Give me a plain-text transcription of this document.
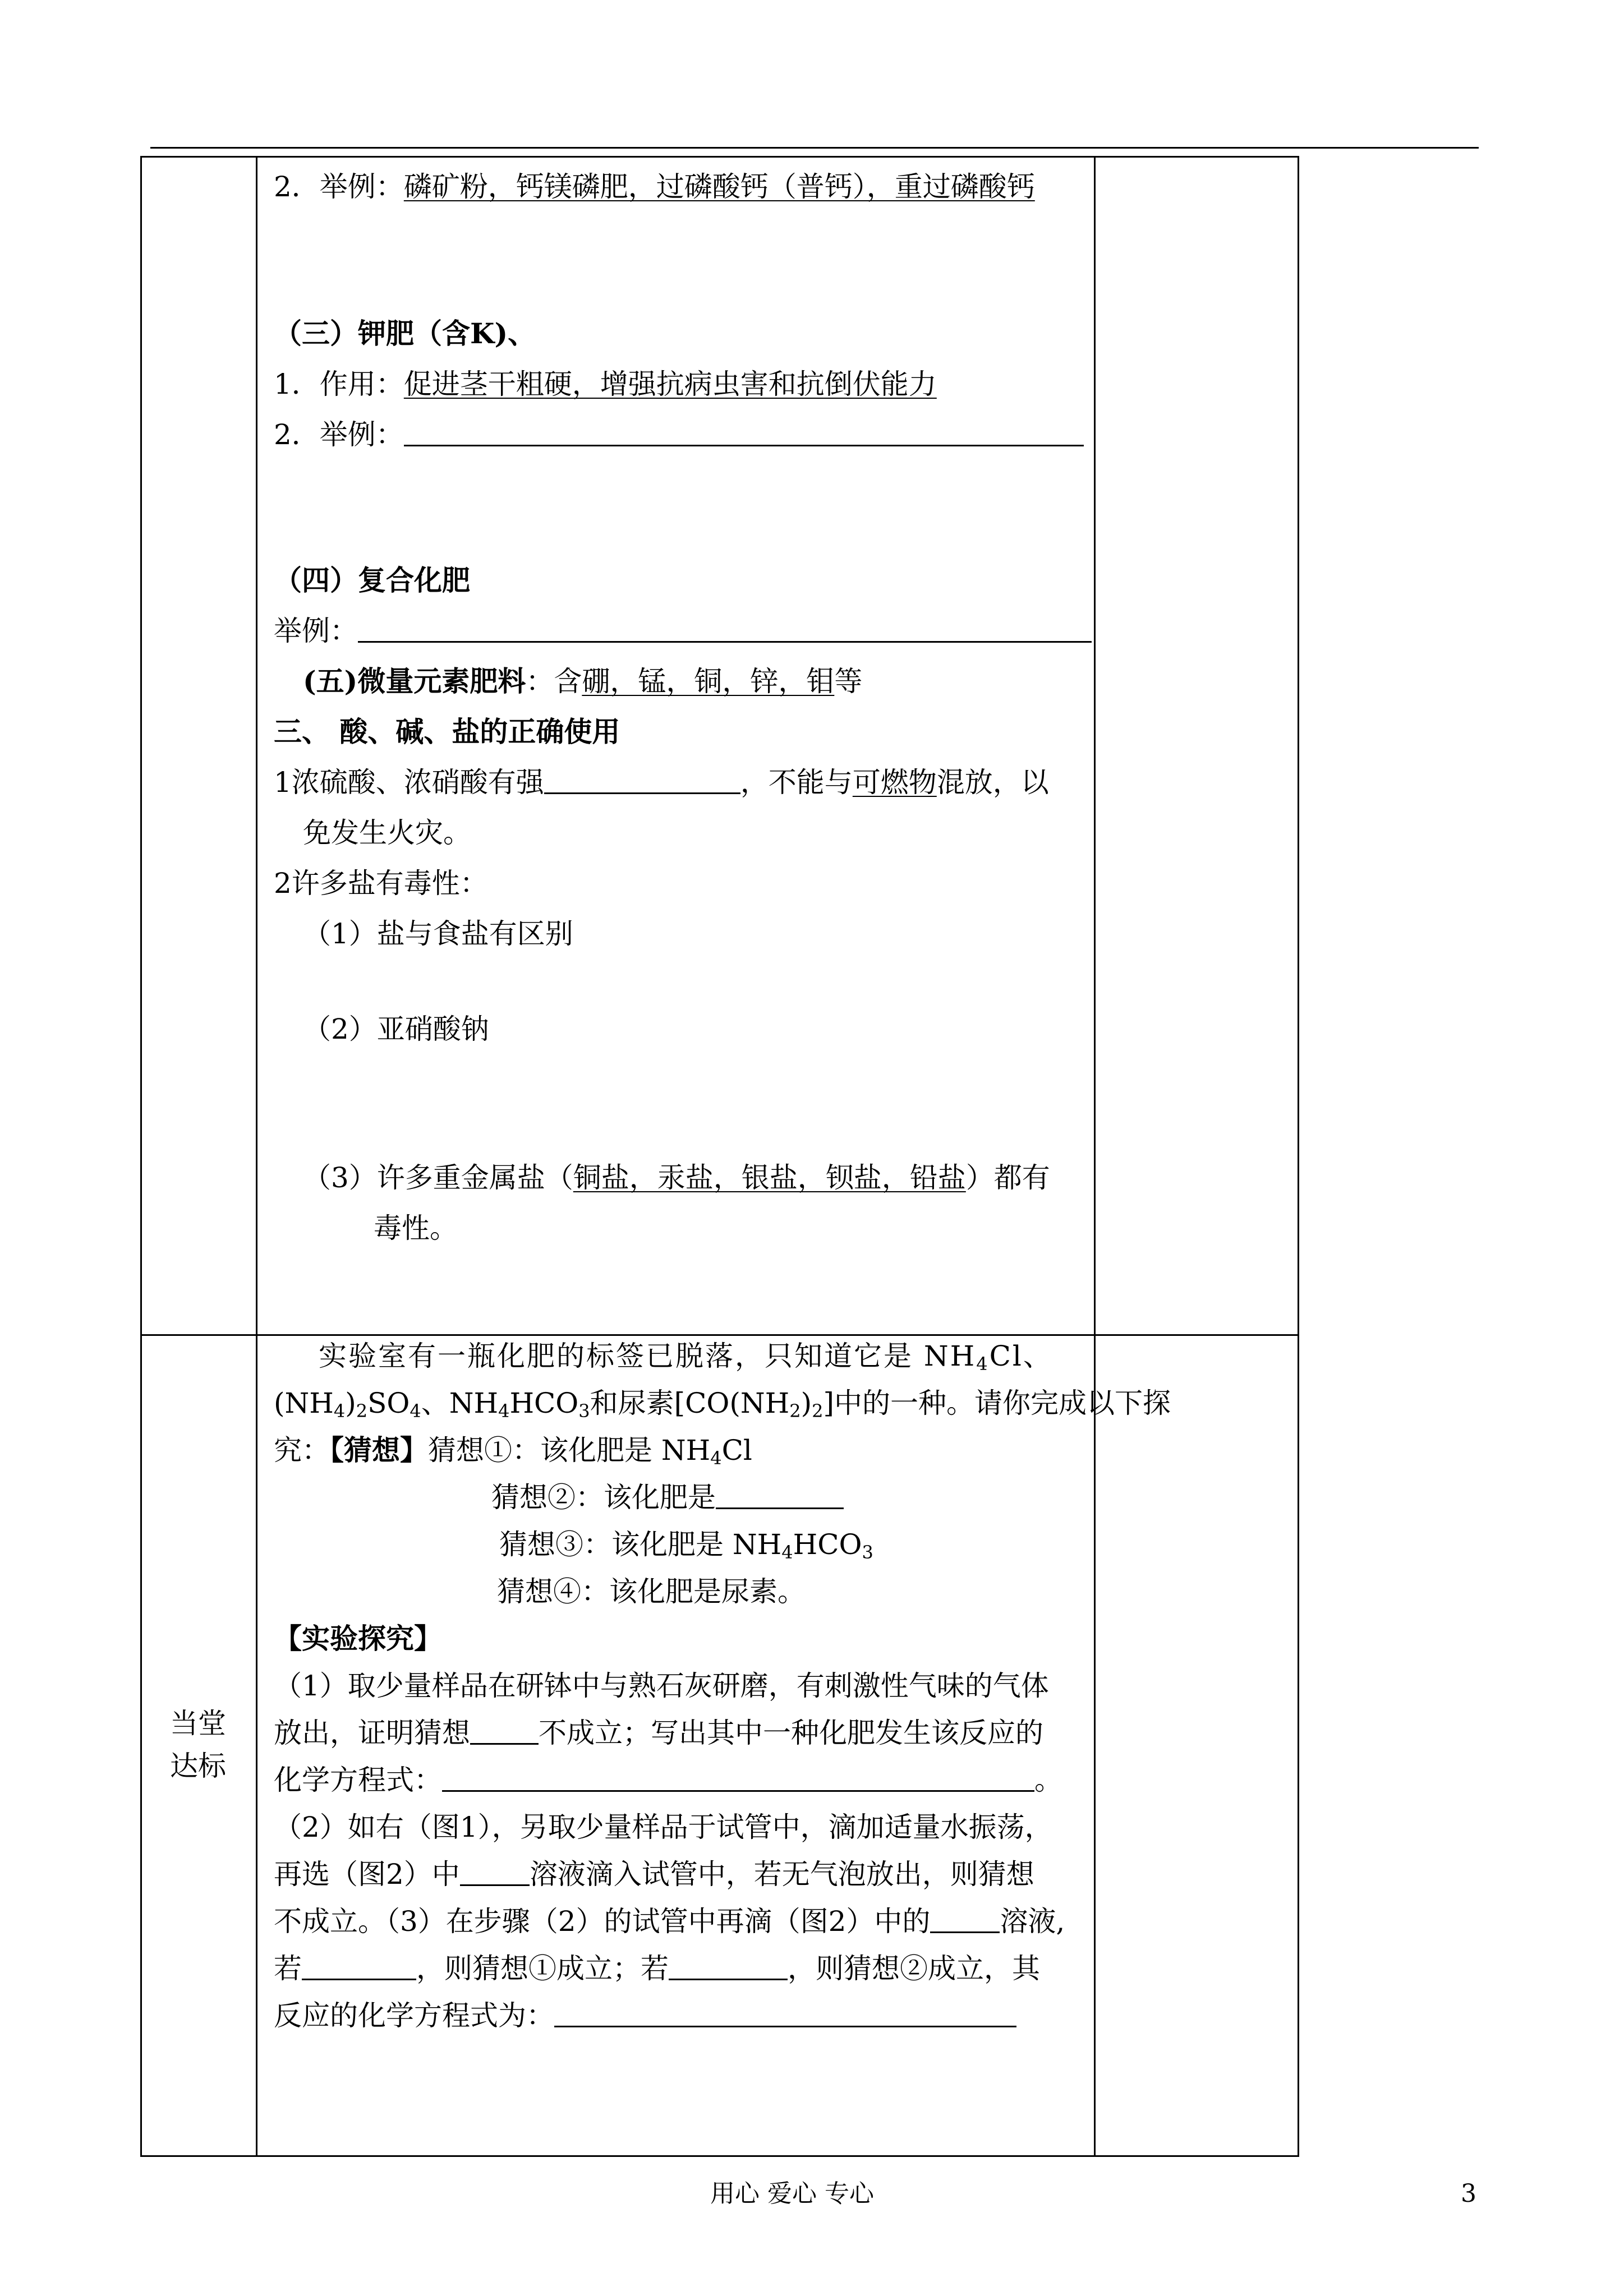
2．举例：磷矿粉，钙镁磷肥，过磷酸钙（普钙），重过磷酸钙
（三）钾肥（含K)、
1．作用：促进茎干粗硬，增强抗病虫害和抗倒伏能力
2．举例：
（四）复合化肥
举例：
(五)微量元素肥料：含硼，锰，铜，锌，钼等
三、 酸、碱、盐的正确使用
1浓硫酸、浓硝酸有强	，不能与可燃物混放，以
免发生火灾。
2许多盐有毒性：
（1）盐与食盐有区别
（2）亚硝酸钠
（3）许多重金属盐（铜盐，汞盐，银盐，钡盐，铅盐）都有
毒性。
当堂
达标
实验室有一瓶化肥的标签已脱落，只知道它是 $NH_4Cl$、
$(NH_4)_2SO_4$、$NH_4HCO_3$和尿素$[CO(NH_2)_2]$中的一种。请你完成以下探
究：【猜想】猜想①：该化肥是 $NH_4Cl$
猜想②：该化肥是
猜想③：该化肥是 $NH_4HCO_3$
猜想④：该化肥是尿素。
【实验探究】
（1）取少量样品在研钵中与熟石灰研磨，有刺激性气味的气体
放出，证明猜想 不成立；写出其中一种化肥发生该反应的
化学方程式：	。
（2）如右（图1），另取少量样品于试管中，滴加适量水振荡，
再选（图2）中 溶液滴入试管中，若无气泡放出，则猜想
不成立。（3）在步骤（2）的试管中再滴（图2）中的 溶液,
若	，则猜想①成立；若	，则猜想②成立，其
反应的化学方程式为：
用心 爱心 专心	3
